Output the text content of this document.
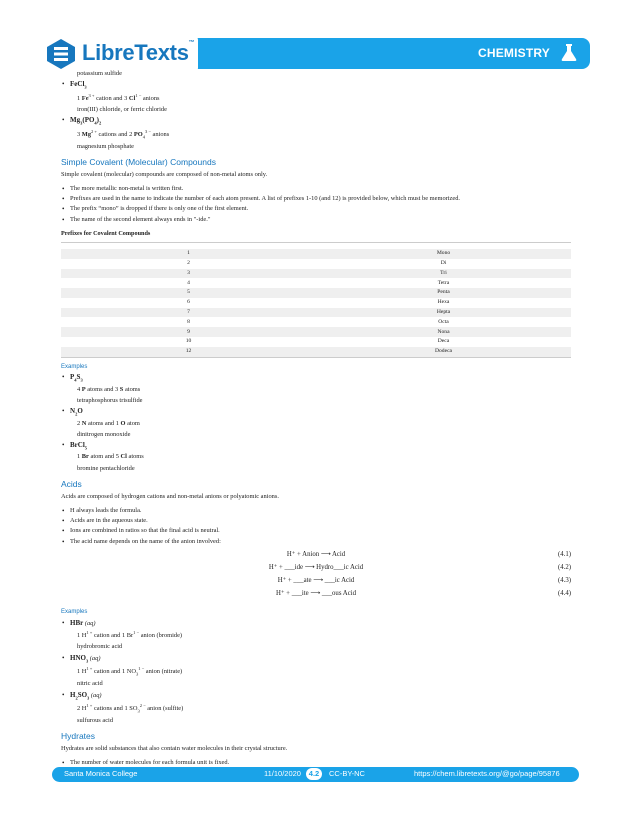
CHEMISTRY
LibreTexts™

potassium sulfide

• FeCl$_3$

1 $Fe^{3 +}$ cation and 3 $Cl^{1 -}$ anions

iron(III) chloride, or ferric chloride

• $Mg_3(PO_4)_2$

3 $Mg^{2 +}$ cations and 2 $PO_4^{3 -}$ anions

magnesium phosphate

Simple Covalent (Molecular) Compounds

Simple covalent (molecular) compounds are composed of non-metal atoms only.

• The more metallic non-metal is written first.
• Prefixes are used in the name to indicate the number of each atom present. A list of prefixes 1-10 (and 12) is provided below, which must be memorized.
• The prefix “mono” is dropped if there is only one of the first element.
• The name of the second element always ends in "-ide."
Prefixes for Covalent Compounds

1	Mono
2	Di
3	Tri
4	Tetra
5	Penta
6	Hexa
7	Hepta
8	Octa
9	Nona
10	Deca
12	Dodeca
Examples
• $P_4S_3$

4 P atoms and 3 S atoms

tetraphosphorus trisulfide

• $N_2O$

2 N atoms and 1 O atom

dinitrogen monoxide

• BrCl$_5$

1 Br atom and 5 Cl atoms

bromine pentachloride

Acids

Acids are composed of hydrogen cations and non-metal anions or polyatomic anions.

• H always leads the formula.
• Acids are in the aqueous state.
• Ions are combined in ratios so that the final acid is neutral.
• The acid name depends on the name of the anion involved:
H⁺ + Anion ⟶ Acid	(4.1)
H⁺ + ___ide ⟶ Hydro___ic Acid	(4.2)
H⁺ + ___ate ⟶ ___ic Acid	(4.3)
H⁺ + ___ite ⟶ ___ous Acid	(4.4)
Examples
• HBr (aq)

1 $H^{1 +}$ cation and 1 $Br^{1 -}$ anion (bromide)

hydrobromic acid

• $HNO_3$ (aq)

1 $H^{1 +}$ cation and 1 $NO_3^{1 -}$ anion (nitrate)

nitric acid

• $H_2SO_3$ (aq)

2 $H^{1 +}$ cations and 1 $SO_3^{2 -}$ anion (sulfite)

sulfurous acid

Hydrates

Hydrates are solid substances that also contain water molecules in their crystal structure.

• The number of water molecules for each formula unit is fixed.
Santa Monica College	11/10/2020	4.2	CC-BY-NC	https://chem.libretexts.org/@go/page/95876
